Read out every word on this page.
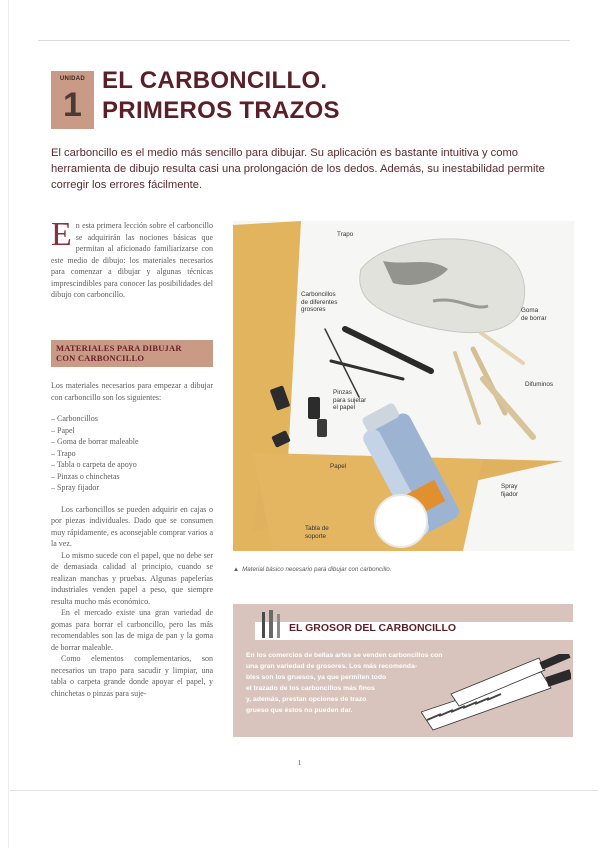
UNIDAD
1
EL CARBONCILLO.
PRIMEROS TRAZOS

El carboncillo es el medio más sencillo para dibujar. Su aplicación es bastante intuitiva y como herramienta de dibujo resulta casi una prolongación de los dedos. Además, su inestabilidad permite corregir los errores fácilmente.

En esta primera lección sobre el carboncillo se adquirirán las nociones básicas que permitan al aficionado familiarizarse con este medio de dibujo: los materiales necesarios para comenzar a dibujar y algunas técnicas imprescindibles para conocer las posibilidades del dibujo con carboncillo.

MATERIALES PARA DIBUJAR
CON CARBONCILLO

Los materiales necesarios para empezar a dibujar con carboncillo son los siguientes:

– Carboncillos
– Papel
– Goma de borrar maleable
– Trapo
– Tabla o carpeta de apoyo
– Pinzas o chinchetas
– Spray fijador

Los carboncillos se pueden adquirir en cajas o por piezas individuales. Dado que se consumen muy rápidamente, es aconsejable comprar varios a la vez.

Lo mismo sucede con el papel, que no debe ser de demasiada calidad al principio, cuando se realizan manchas y pruebas. Algunas papelerías industriales venden papel a peso, que siempre resulta mucho más económico.

En el mercado existe una gran variedad de gomas para borrar el carboncillo, pero las más recomendables son las de miga de pan y la goma de borrar maleable.

Como elementos complementarios, son necesarios un trapo para sacudir y limpiar, una tabla o carpeta grande donde apoyar el papel, y chinchetas o pinzas para suje-

Trapo
Carboncillos
de diferentes
grosores	Goma
de borrar
Difuminos
Pinzas
para sujetar
el papel
Papel
Spray
fijador
Tabla de
soporte
▲ Material básico necesario para dibujar con carboncillo.
EL GROSOR DEL CARBONCILLO
En los comercios de bellas artes se venden carboncillos con
una gran variedad de grosores. Los más recomenda-
bles son los gruesos, ya que permiten todo
el trazado de los carboncillos más finos
y, además, prestan opciones de trazo
grueso que éstos no pueden dar.
1
